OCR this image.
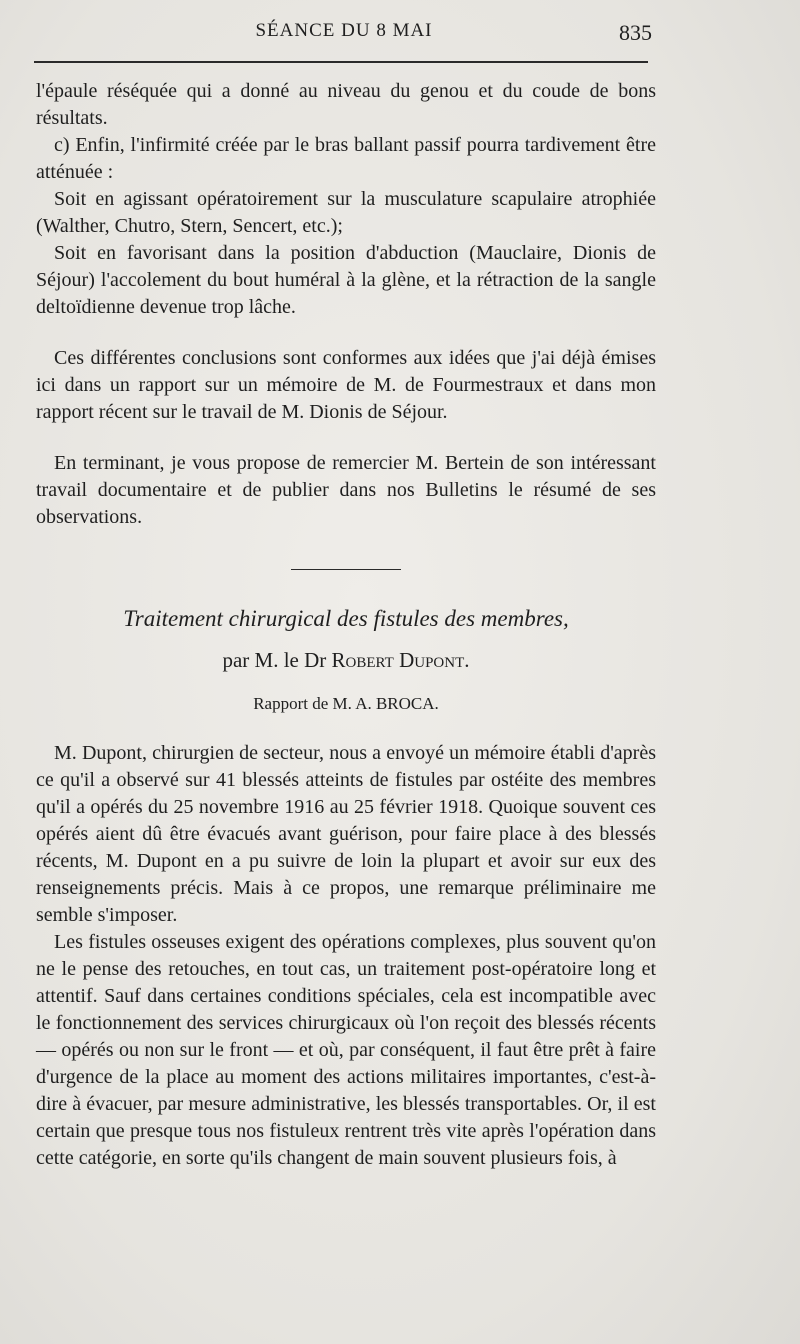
SÉANCE DU 8 MAI	835

l'épaule réséquée qui a donné au niveau du genou et du coude de bons résultats.

c) Enfin, l'infirmité créée par le bras ballant passif pourra tardivement être atténuée :

Soit en agissant opératoirement sur la musculature scapulaire atrophiée (Walther, Chutro, Stern, Sencert, etc.);

Soit en favorisant dans la position d'abduction (Mauclaire, Dionis de Séjour) l'accolement du bout huméral à la glène, et la rétraction de la sangle deltoïdienne devenue trop lâche.

Ces différentes conclusions sont conformes aux idées que j'ai déjà émises ici dans un rapport sur un mémoire de M. de Fourmestraux et dans mon rapport récent sur le travail de M. Dionis de Séjour.

En terminant, je vous propose de remercier M. Bertein de son intéressant travail documentaire et de publier dans nos Bulletins le résumé de ses observations.

Traitement chirurgical des fistules des membres,
par M. le Dr Robert Dupont.
Rapport de M. A. BROCA.

M. Dupont, chirurgien de secteur, nous a envoyé un mémoire établi d'après ce qu'il a observé sur 41 blessés atteints de fistules par ostéite des membres qu'il a opérés du 25 novembre 1916 au 25 février 1918. Quoique souvent ces opérés aient dû être évacués avant guérison, pour faire place à des blessés récents, M. Dupont en a pu suivre de loin la plupart et avoir sur eux des renseignements précis. Mais à ce propos, une remarque préliminaire me semble s'imposer.

Les fistules osseuses exigent des opérations complexes, plus souvent qu'on ne le pense des retouches, en tout cas, un traitement post-opératoire long et attentif. Sauf dans certaines conditions spéciales, cela est incompatible avec le fonctionnement des services chirurgicaux où l'on reçoit des blessés récents — opérés ou non sur le front — et où, par conséquent, il faut être prêt à faire d'urgence de la place au moment des actions militaires importantes, c'est-à-dire à évacuer, par mesure administrative, les blessés transportables. Or, il est certain que presque tous nos fistuleux rentrent très vite après l'opération dans cette catégorie, en sorte qu'ils changent de main souvent plusieurs fois, à
